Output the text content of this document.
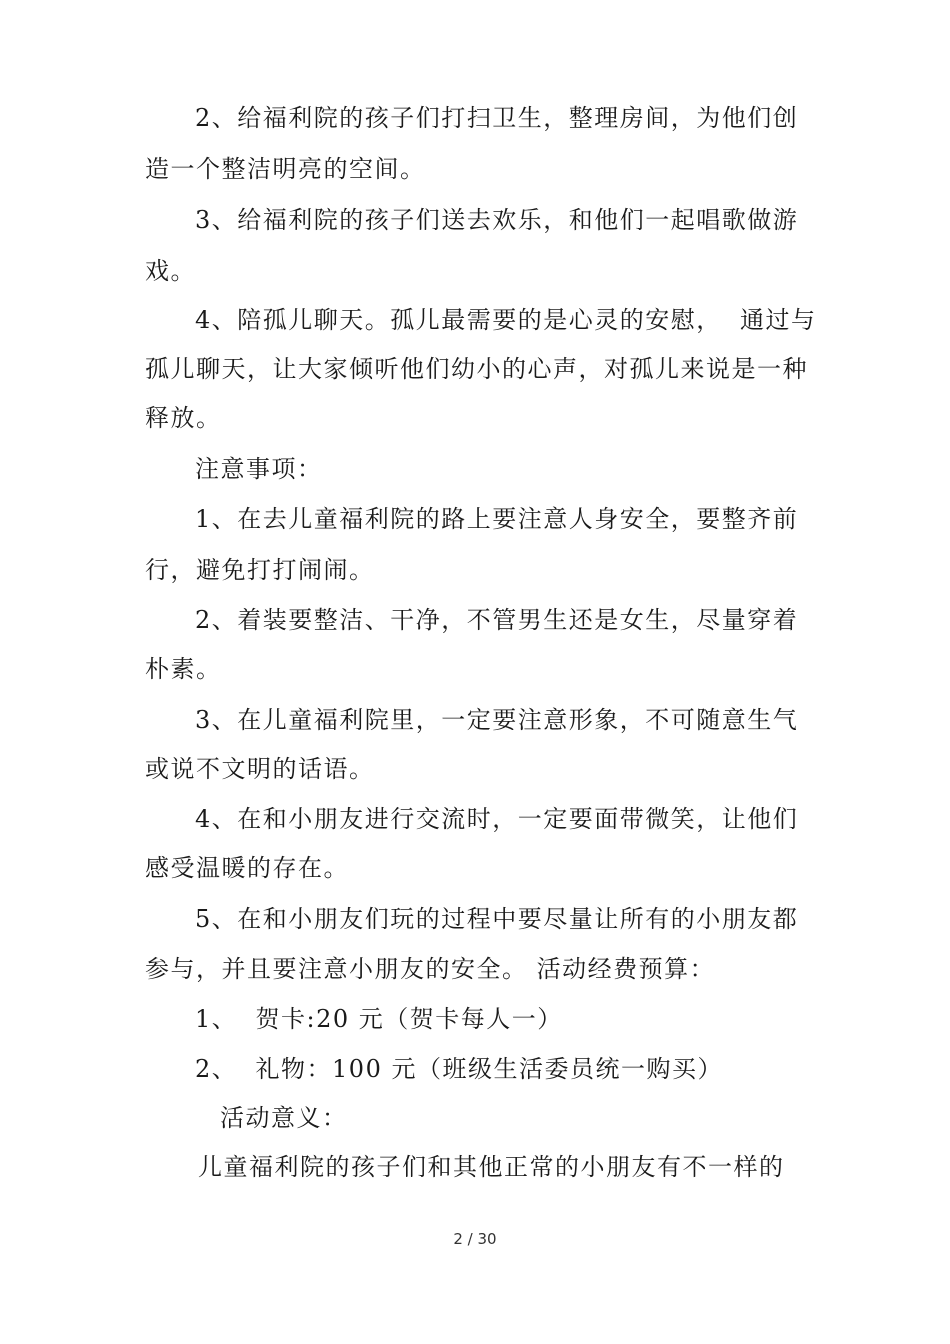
2、给福利院的孩子们打扫卫生，整理房间，为他们创
造一个整洁明亮的空间。
3、给福利院的孩子们送去欢乐，和他们一起唱歌做游
戏。
4、陪孤儿聊天。孤儿最需要的是心灵的安慰，  通过与
孤儿聊天，让大家倾听他们幼小的心声，对孤儿来说是一种
释放。
注意事项：
1、在去儿童福利院的路上要注意人身安全，要整齐前
行，避免打打闹闹。
2、着装要整洁、干净，不管男生还是女生，尽量穿着
朴素。
3、在儿童福利院里，一定要注意形象，不可随意生气
或说不文明的话语。
4、在和小朋友进行交流时，一定要面带微笑，让他们
感受温暖的存在。
5、在和小朋友们玩的过程中要尽量让所有的小朋友都
参与，并且要注意小朋友的安全。 活动经费预算：
1、  贺卡:20 元（贺卡每人一）
2、  礼物：100 元（班级生活委员统一购买）
活动意义：
儿童福利院的孩子们和其他正常的小朋友有不一样的
2 / 30
